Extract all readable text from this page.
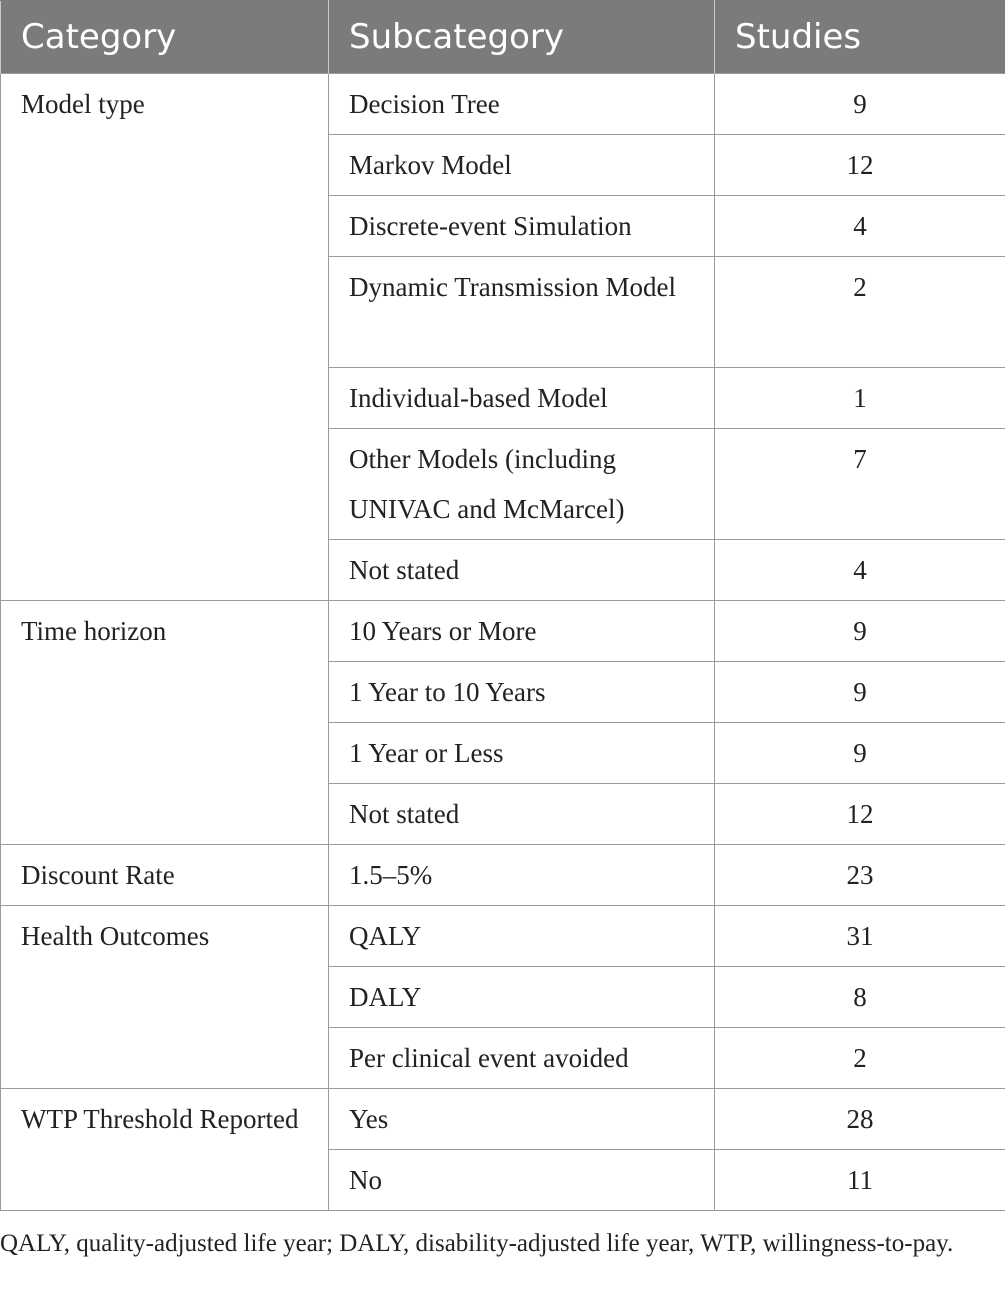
Category	Subcategory	Studies
Model type	Decision Tree	9
	Markov Model	12
	Discrete-event Simulation	4
	Dynamic Transmission Model	2
	Individual-based Model	1
	Other Models (including UNIVAC and McMarcel)	7
	Not stated	4
Time horizon	10 Years or More	9
	1 Year to 10 Years	9
	1 Year or Less	9
	Not stated	12
Discount Rate	1.5–5%	23
Health Outcomes	QALY	31
	DALY	8
	Per clinical event avoided	2
WTP Threshold Reported	Yes	28
	No	11
QALY, quality-adjusted life year; DALY, disability-adjusted life year, WTP, willingness-to-pay.
